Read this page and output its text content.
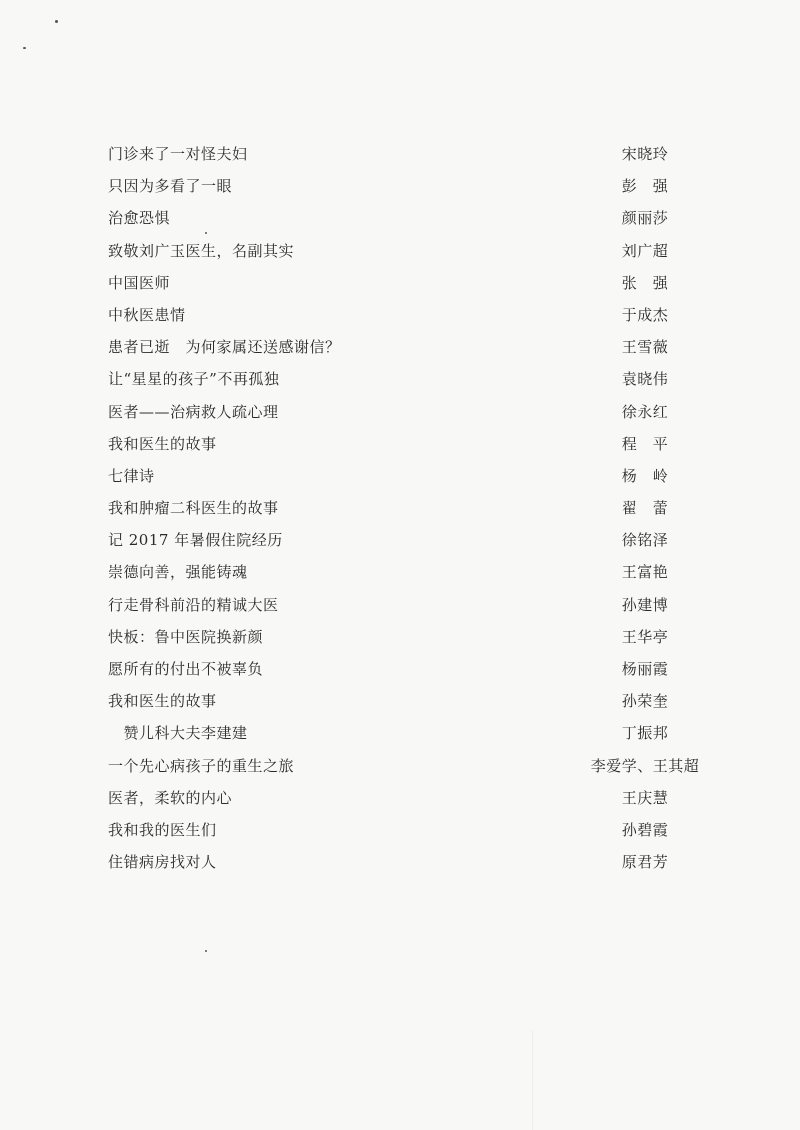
门诊来了一对怪夫妇	宋晓玲
只因为多看了一眼	彭　强
治愈恐惧	颜丽莎
致敬刘广玉医生，名副其实	刘广超
中国医师	张　强
中秋医患情	于成杰
患者已逝　为何家属还送感谢信？	王雪薇
让“星星的孩子”不再孤独	袁晓伟
医者——治病救人疏心理	徐永红
我和医生的故事	程　平
七律诗	杨　岭
我和肿瘤二科医生的故事	翟　蕾
记 2017 年暑假住院经历	徐铭泽
崇德向善，强能铸魂	王富艳
行走骨科前沿的精诚大医	孙建博
快板：鲁中医院换新颜	王华亭
愿所有的付出不被辜负	杨丽霞
我和医生的故事	孙荣奎
　赞儿科大夫李建建	丁振邦
一个先心病孩子的重生之旅	李爱学、王其超
医者，柔软的内心	王庆慧
我和我的医生们	孙碧霞
住错病房找对人	原君芳
